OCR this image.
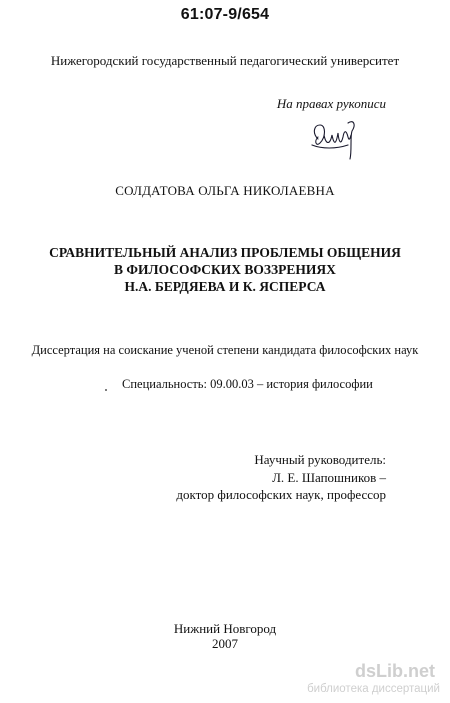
61:07-9/654
Нижегородский государственный педагогический университет
На правах рукописи
СОЛДАТОВА ОЛЬГА НИКОЛАЕВНА
СРАВНИТЕЛЬНЫЙ АНАЛИЗ ПРОБЛЕМЫ ОБЩЕНИЯ
В ФИЛОСОФСКИХ ВОЗЗРЕНИЯХ
Н.А. БЕРДЯЕВА И К. ЯСПЕРСА
Диссертация на соискание ученой степени кандидата философских наук
Специальность: 09.00.03 – история философии
Научный руководитель:
Л. Е. Шапошников –
доктор философских наук, профессор
Нижний Новгород
2007
dsLib.net
библиотека диссертаций
